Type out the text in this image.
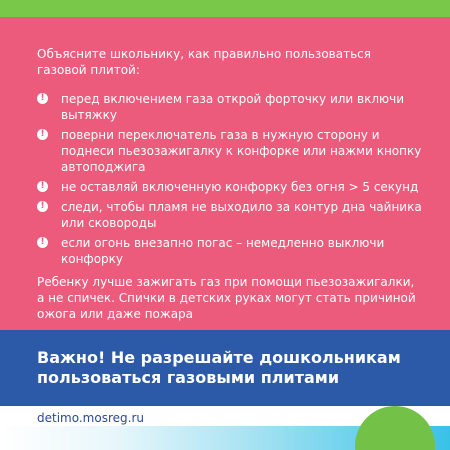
Объясните школьнику, как правильно пользоваться газовой плитой:

! перед включением газа открой форточку или включи вытяжку
! поверни переключатель газа в нужную сторону и поднеси пьезозажигалку к конфорке или нажми кнопку автоподжига
! не оставляй включенную конфорку без огня > 5 секунд
! следи, чтобы пламя не выходило за контур дна чайника или сковороды
! если огонь внезапно погас – немедленно выключи конфорку

Ребенку лучше зажигать газ при помощи пьезозажигалки, а не спичек. Спички в детских руках могут стать причиной ожога или даже пожара

Важно! Не разрешайте дошкольникам пользоваться газовыми плитами

detimo.mosreg.ru
